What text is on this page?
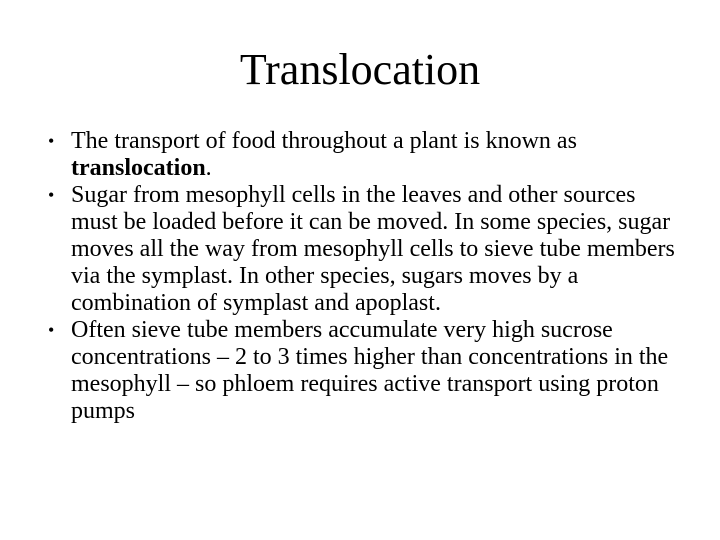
Translocation
• The transport of food throughout a plant is known as translocation.
• Sugar from mesophyll cells in the leaves and other sources must be loaded before it can be moved. In some species, sugar moves all the way from mesophyll cells to sieve tube members via the symplast. In other species, sugars moves by a combination of symplast and apoplast.
• Often sieve tube members accumulate very high sucrose concentrations – 2 to 3 times higher than concentrations in the mesophyll – so phloem requires active transport using proton pumps
